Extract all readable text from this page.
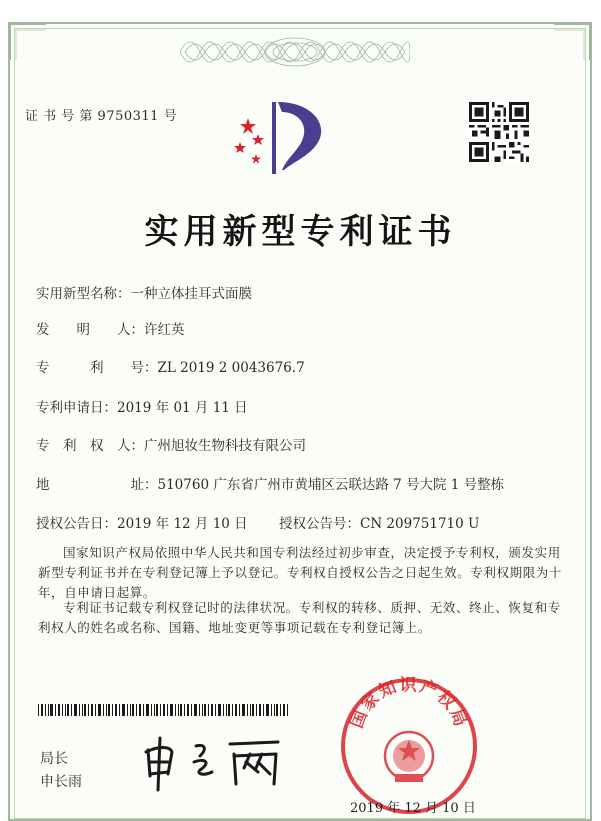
证 书 号 第 9750311 号
实用新型专利证书
实用新型名称：一种立体挂耳式面膜
发　　明　　人：许红英
专　　　利　　号：ZL 2019 2 0043676.7
专利申请日：2019 年 01 月 11 日
专　利　权　人：广州旭妆生物科技有限公司
地　　　　　　址：510760 广东省广州市黄埔区云联达路 7 号大院 1 号整栋
授权公告日：2019 年 12 月 10 日 授权公告号：CN 209751710 U
国家知识产权局依照中华人民共和国专利法经过初步审查，决定授予专利权，颁发实用新型专利证书并在专利登记簿上予以登记。专利权自授权公告之日起生效。专利权期限为十年，自申请日起算。
专利证书记载专利权登记时的法律状况。专利权的转移、质押、无效、终止、恢复和专利权人的姓名或名称、国籍、地址变更等事项记载在专利登记簿上。
局长
申长雨
国家知识产权局
2019 年 12 月 10 日
